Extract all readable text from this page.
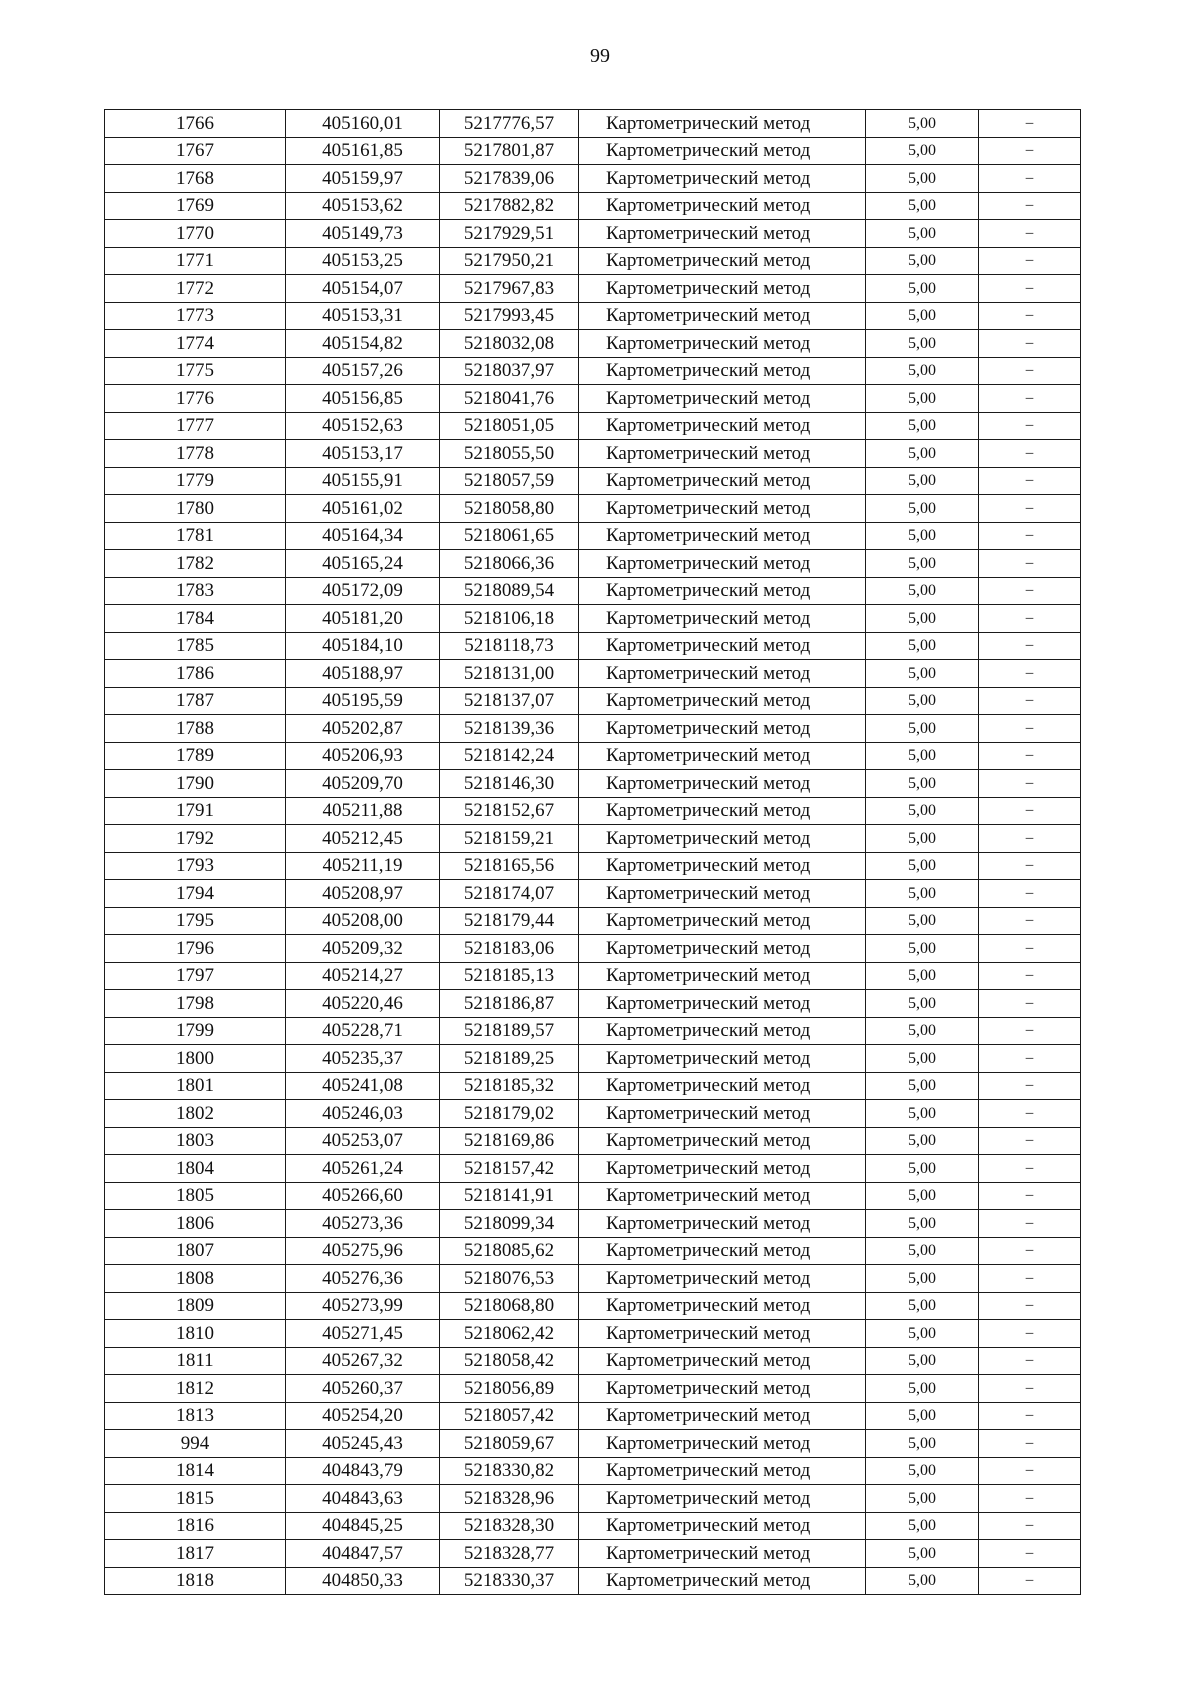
99
1766	405160,01	5217776,57	Картометрический метод	5,00	–
1767	405161,85	5217801,87	Картометрический метод	5,00	–
1768	405159,97	5217839,06	Картометрический метод	5,00	–
1769	405153,62	5217882,82	Картометрический метод	5,00	–
1770	405149,73	5217929,51	Картометрический метод	5,00	–
1771	405153,25	5217950,21	Картометрический метод	5,00	–
1772	405154,07	5217967,83	Картометрический метод	5,00	–
1773	405153,31	5217993,45	Картометрический метод	5,00	–
1774	405154,82	5218032,08	Картометрический метод	5,00	–
1775	405157,26	5218037,97	Картометрический метод	5,00	–
1776	405156,85	5218041,76	Картометрический метод	5,00	–
1777	405152,63	5218051,05	Картометрический метод	5,00	–
1778	405153,17	5218055,50	Картометрический метод	5,00	–
1779	405155,91	5218057,59	Картометрический метод	5,00	–
1780	405161,02	5218058,80	Картометрический метод	5,00	–
1781	405164,34	5218061,65	Картометрический метод	5,00	–
1782	405165,24	5218066,36	Картометрический метод	5,00	–
1783	405172,09	5218089,54	Картометрический метод	5,00	–
1784	405181,20	5218106,18	Картометрический метод	5,00	–
1785	405184,10	5218118,73	Картометрический метод	5,00	–
1786	405188,97	5218131,00	Картометрический метод	5,00	–
1787	405195,59	5218137,07	Картометрический метод	5,00	–
1788	405202,87	5218139,36	Картометрический метод	5,00	–
1789	405206,93	5218142,24	Картометрический метод	5,00	–
1790	405209,70	5218146,30	Картометрический метод	5,00	–
1791	405211,88	5218152,67	Картометрический метод	5,00	–
1792	405212,45	5218159,21	Картометрический метод	5,00	–
1793	405211,19	5218165,56	Картометрический метод	5,00	–
1794	405208,97	5218174,07	Картометрический метод	5,00	–
1795	405208,00	5218179,44	Картометрический метод	5,00	–
1796	405209,32	5218183,06	Картометрический метод	5,00	–
1797	405214,27	5218185,13	Картометрический метод	5,00	–
1798	405220,46	5218186,87	Картометрический метод	5,00	–
1799	405228,71	5218189,57	Картометрический метод	5,00	–
1800	405235,37	5218189,25	Картометрический метод	5,00	–
1801	405241,08	5218185,32	Картометрический метод	5,00	–
1802	405246,03	5218179,02	Картометрический метод	5,00	–
1803	405253,07	5218169,86	Картометрический метод	5,00	–
1804	405261,24	5218157,42	Картометрический метод	5,00	–
1805	405266,60	5218141,91	Картометрический метод	5,00	–
1806	405273,36	5218099,34	Картометрический метод	5,00	–
1807	405275,96	5218085,62	Картометрический метод	5,00	–
1808	405276,36	5218076,53	Картометрический метод	5,00	–
1809	405273,99	5218068,80	Картометрический метод	5,00	–
1810	405271,45	5218062,42	Картометрический метод	5,00	–
1811	405267,32	5218058,42	Картометрический метод	5,00	–
1812	405260,37	5218056,89	Картометрический метод	5,00	–
1813	405254,20	5218057,42	Картометрический метод	5,00	–
994	405245,43	5218059,67	Картометрический метод	5,00	–
1814	404843,79	5218330,82	Картометрический метод	5,00	–
1815	404843,63	5218328,96	Картометрический метод	5,00	–
1816	404845,25	5218328,30	Картометрический метод	5,00	–
1817	404847,57	5218328,77	Картометрический метод	5,00	–
1818	404850,33	5218330,37	Картометрический метод	5,00	–
